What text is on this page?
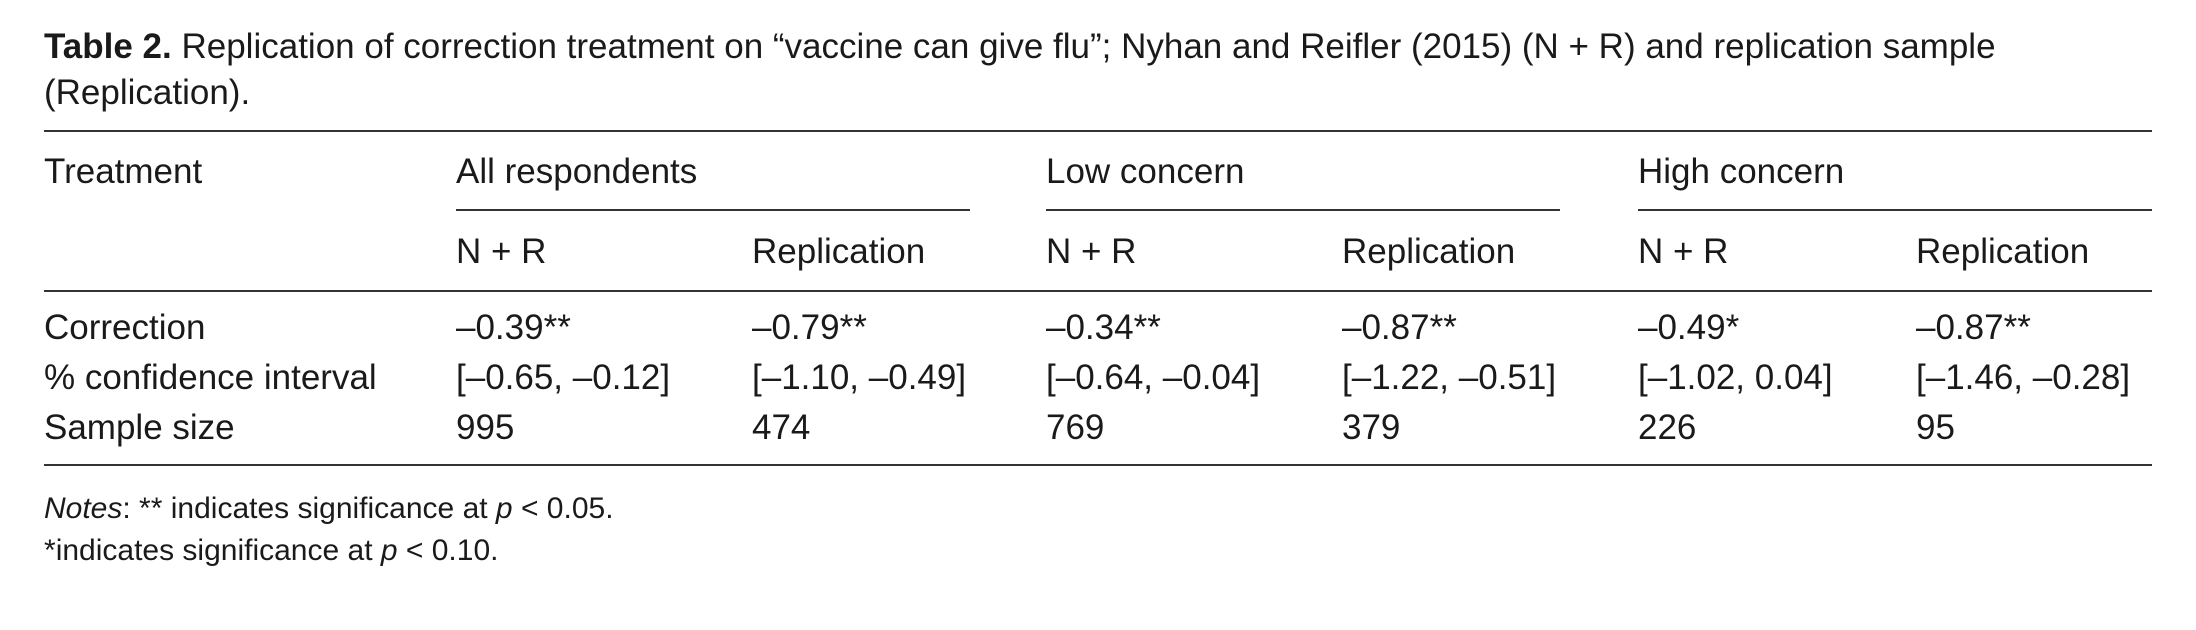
Table 2. Replication of correction treatment on “vaccine can give flu”; Nyhan and Reifler (2015) (N + R) and replication sample (Replication).
Treatment	All respondents	Low concern	High concern
N + R	Replication	N + R	Replication	N + R	Replication
Correction	–0.39**	–0.79**	–0.34**	–0.87**	–0.49*	–0.87**
% confidence interval [–0.65, –0.12] [–1.10, –0.49] [–0.64, –0.04] [–1.22, –0.51] [–1.02, 0.04] [–1.46, –0.28]
Sample size	995	474	769	379	226	95
Notes: ** indicates significance at p < 0.05.
*indicates significance at p < 0.10.
